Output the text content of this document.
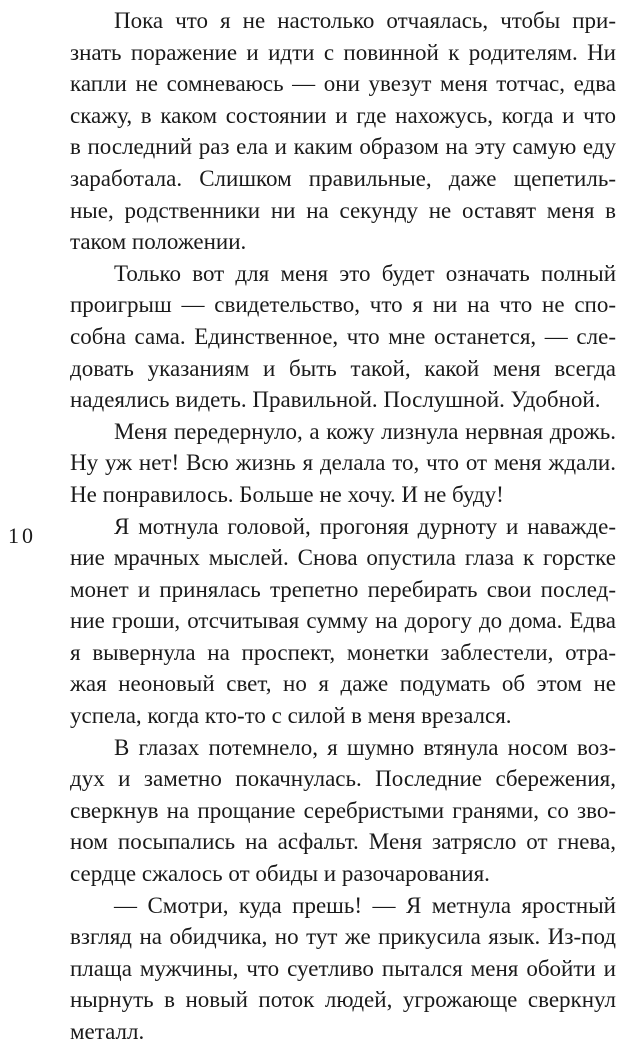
10
Пока что я не настолько отчаялась, чтобы при-
знать поражение и идти с повинной к родителям. Ни
капли не сомневаюсь — они увезут меня тотчас, едва
скажу, в каком состоянии и где нахожусь, когда и что
в последний раз ела и каким образом на эту самую еду
заработала. Слишком правильные, даже щепетиль-
ные, родственники ни на секунду не оставят меня в
таком положении.
Только вот для меня это будет означать полный
проигрыш — свидетельство, что я ни на что не спо-
собна сама. Единственное, что мне останется, — сле-
довать указаниям и быть такой, какой меня всегда
надеялись видеть. Правильной. Послушной. Удобной.
Меня передернуло, а кожу лизнула нервная дрожь.
Ну уж нет! Всю жизнь я делала то, что от меня ждали.
Не понравилось. Больше не хочу. И не буду!
Я мотнула головой, прогоняя дурноту и наважде-
ние мрачных мыслей. Снова опустила глаза к горстке
монет и принялась трепетно перебирать свои послед-
ние гроши, отсчитывая сумму на дорогу до дома. Едва
я вывернула на проспект, монетки заблестели, отра-
жая неоновый свет, но я даже подумать об этом не
успела, когда кто-то с силой в меня врезался.
В глазах потемнело, я шумно втянула носом воз-
дух и заметно покачнулась. Последние сбережения,
сверкнув на прощание серебристыми гранями, со зво-
ном посыпались на асфальт. Меня затрясло от гнева,
сердце сжалось от обиды и разочарования.
— Смотри, куда прешь! — Я метнула яростный
взгляд на обидчика, но тут же прикусила язык. Из-под
плаща мужчины, что суетливо пытался меня обойти и
нырнуть в новый поток людей, угрожающе сверкнул
металл.
